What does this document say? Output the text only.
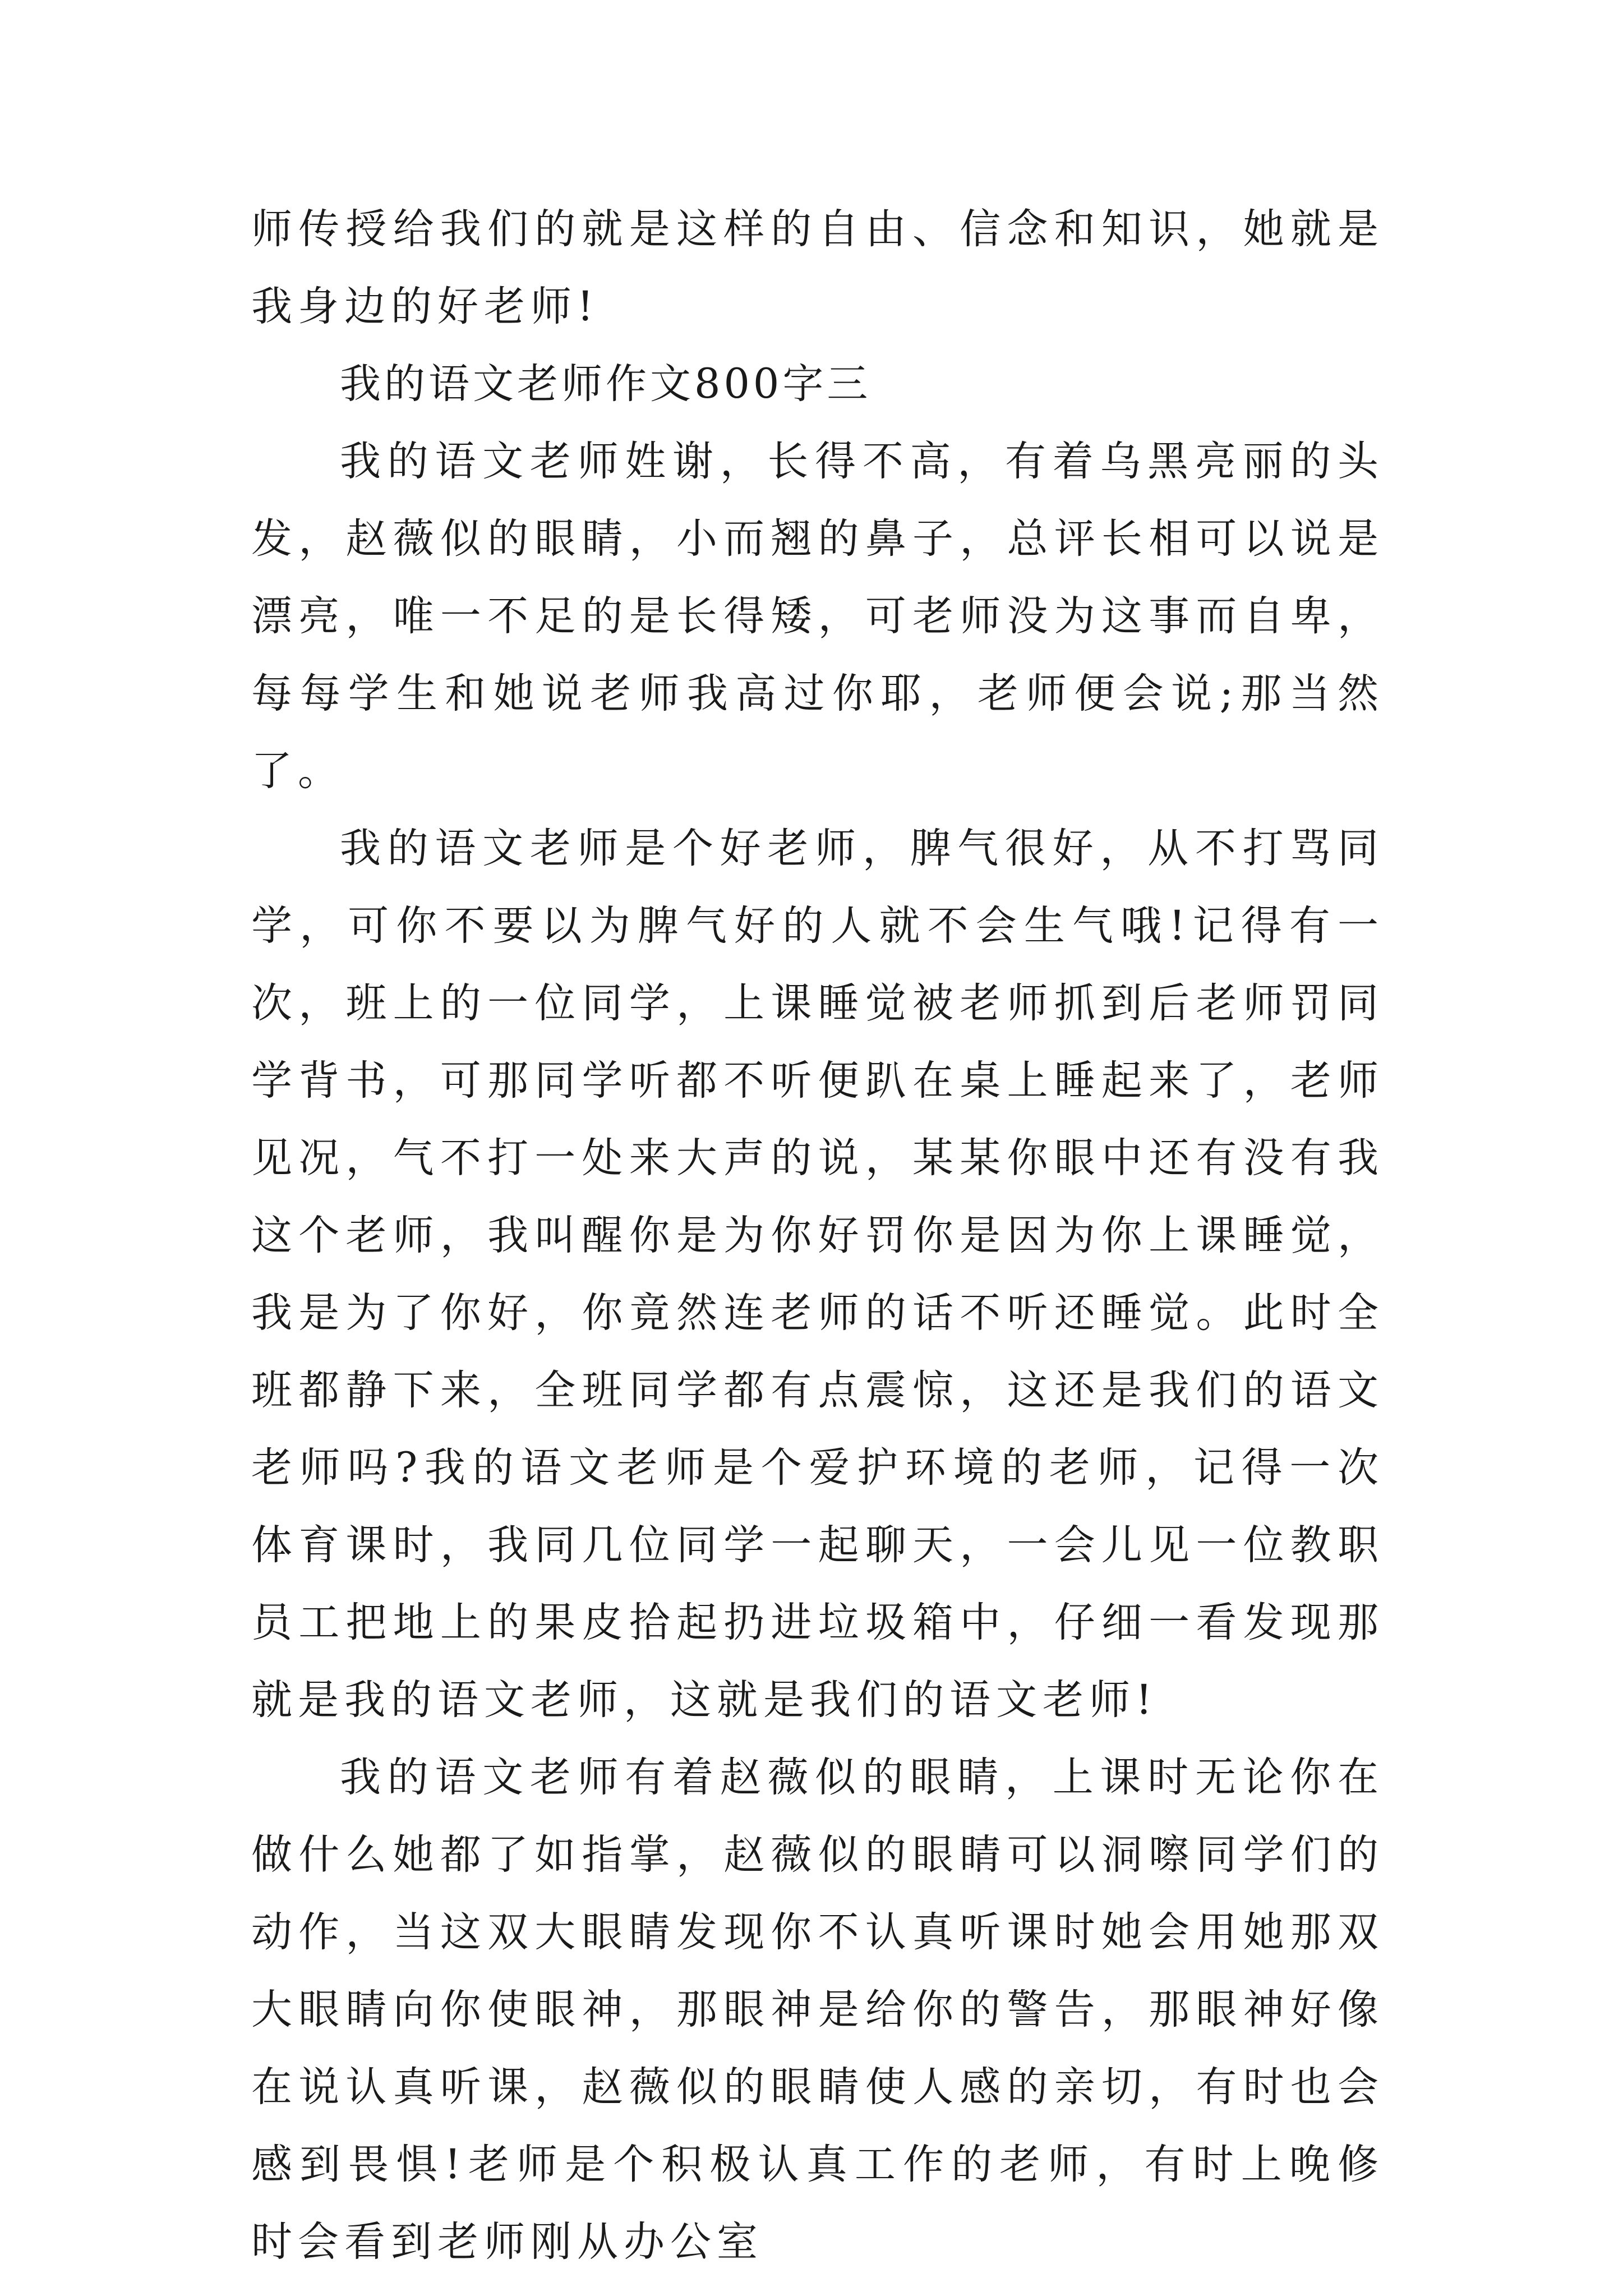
师传授给我们的就是这样的自由、信念和知识，她就是我身边的好老师!

我的语文老师作文800字三

我的语文老师姓谢，长得不高，有着乌黑亮丽的头发，赵薇似的眼睛，小而翘的鼻子，总评长相可以说是漂亮，唯一不足的是长得矮，可老师没为这事而自卑，每每学生和她说老师我高过你耶，老师便会说;那当然了。

我的语文老师是个好老师，脾气很好，从不打骂同学，可你不要以为脾气好的人就不会生气哦!记得有一次，班上的一位同学，上课睡觉被老师抓到后老师罚同学背书，可那同学听都不听便趴在桌上睡起来了，老师见况，气不打一处来大声的说，某某你眼中还有没有我这个老师，我叫醒你是为你好罚你是因为你上课睡觉，我是为了你好，你竟然连老师的话不听还睡觉。此时全班都静下来，全班同学都有点震惊，这还是我们的语文老师吗?我的语文老师是个爱护环境的老师，记得一次体育课时，我同几位同学一起聊天，一会儿见一位教职员工把地上的果皮拾起扔进垃圾箱中，仔细一看发现那就是我的语文老师，这就是我们的语文老师!

我的语文老师有着赵薇似的眼睛，上课时无论你在做什么她都了如指掌，赵薇似的眼睛可以洞嚓同学们的动作，当这双大眼睛发现你不认真听课时她会用她那双大眼睛向你使眼神，那眼神是给你的警告，那眼神好像在说认真听课，赵薇似的眼睛使人感的亲切，有时也会感到畏惧!老师是个积极认真工作的老师，有时上晚修时会看到老师刚从办公室
